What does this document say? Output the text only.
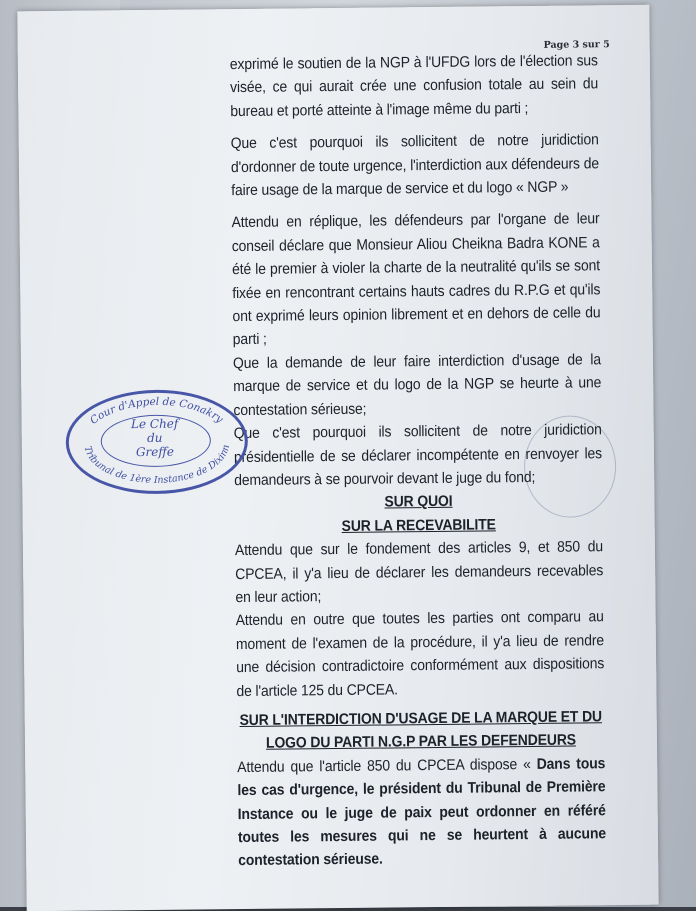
Page 3 sur 5

exprimé le soutien de la NGP à l'UFDG lors de l'élection sus visée, ce qui aurait crée une confusion totale au sein du bureau et porté atteinte à l'image même du parti ;

Que c'est pourquoi ils sollicitent de notre juridiction d'ordonner de toute urgence, l'interdiction aux défendeurs de faire usage de la marque de service et du logo « NGP »

Attendu en réplique, les défendeurs par l'organe de leur conseil déclare que Monsieur Aliou Cheikna Badra KONE a été le premier à violer la charte de la neutralité qu'ils se sont fixée en rencontrant certains hauts cadres du R.P.G et qu'ils ont exprimé leurs opinion librement et en dehors de celle du parti ;

Que la demande de leur faire interdiction d'usage de la marque de service et du logo de la NGP se heurte à une contestation sérieuse;

Que c'est pourquoi ils sollicitent de notre juridiction présidentielle de se déclarer incompétente en renvoyer les demandeurs à se pourvoir devant le juge du fond;

SUR QUOI

SUR LA RECEVABILITE

Attendu que sur le fondement des articles 9, et 850 du CPCEA, il y'a lieu de déclarer les demandeurs recevables en leur action;

Attendu en outre que toutes les parties ont comparu au moment de l'examen de la procédure, il y'a lieu de rendre une décision contradictoire conformément aux dispositions de l'article 125 du CPCEA.

SUR L'INTERDICTION D'USAGE DE LA MARQUE ET DU
LOGO DU PARTI N.G.P PAR LES DEFENDEURS

Attendu que l'article 850 du CPCEA dispose « Dans tous les cas d'urgence, le président du Tribunal de Première Instance ou le juge de paix peut ordonner en référé toutes les mesures qui ne se heurtent à aucune contestation sérieuse.

Cour d'Appel de Conakry
Tribunal de 1ère Instance de Dixinn
Le Chef
du
Greffe
